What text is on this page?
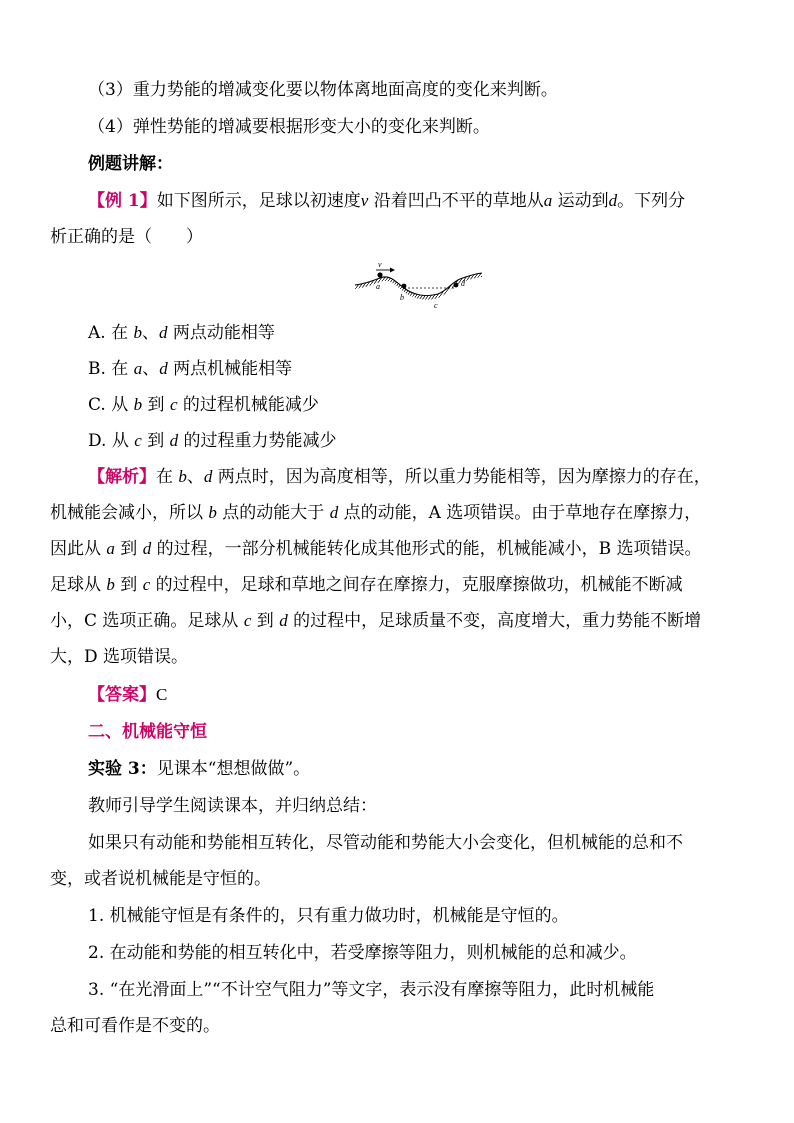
（3）重力势能的增减变化要以物体离地面高度的变化来判断。
（4）弹性势能的增减要根据形变大小的变化来判断。
例题讲解：
【例 1】如下图所示，足球以初速度v 沿着凹凸不平的草地从a 运动到d。下列分
析正确的是（　　）
v
a
b
c
d
A. 在 b、d 两点动能相等
B. 在 a、d 两点机械能相等
C. 从 b 到 c 的过程机械能减少
D. 从 c 到 d 的过程重力势能减少
【解析】在 b、d 两点时，因为高度相等，所以重力势能相等，因为摩擦力的存在，
机械能会减小，所以 b 点的动能大于 d 点的动能，A 选项错误。由于草地存在摩擦力，
因此从 a 到 d 的过程，一部分机械能转化成其他形式的能，机械能减小，B 选项错误。
足球从 b 到 c 的过程中，足球和草地之间存在摩擦力，克服摩擦做功，机械能不断减
小，C 选项正确。足球从 c 到 d 的过程中，足球质量不变，高度增大，重力势能不断增
大，D 选项错误。
【答案】C
二、机械能守恒
实验 3：见课本“想想做做”。
教师引导学生阅读课本，并归纳总结：
如果只有动能和势能相互转化，尽管动能和势能大小会变化，但机械能的总和不
变，或者说机械能是守恒的。
1. 机械能守恒是有条件的，只有重力做功时，机械能是守恒的。
2. 在动能和势能的相互转化中，若受摩擦等阻力，则机械能的总和减少。
3. “在光滑面上”“不计空气阻力”等文字，表示没有摩擦等阻力，此时机械能
总和可看作是不变的。
